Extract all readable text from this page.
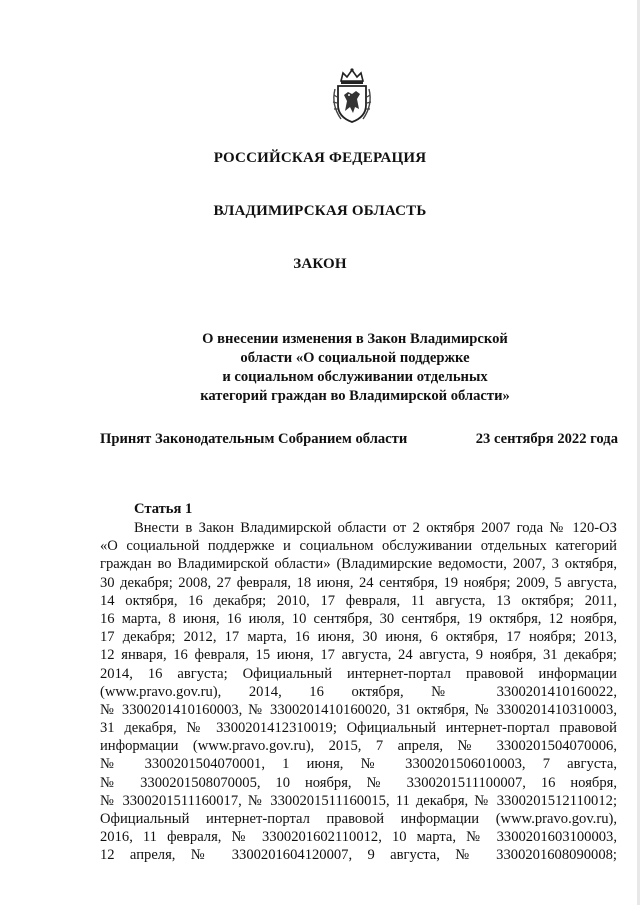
РОССИЙСКАЯ ФЕДЕРАЦИЯ
ВЛАДИМИРСКАЯ ОБЛАСТЬ
ЗАКОН
О внесении изменения в Закон Владимирской
области «О социальной поддержке
и социальном обслуживании отдельных
категорий граждан во Владимирской области»
Принят Законодательным Собранием области	23 сентября 2022 года
Статья 1
Внести в Закон Владимирской области от 2 октября 2007 года № 120-ОЗ
«О социальной поддержке и социальном обслуживании отдельных категорий
граждан во Владимирской области» (Владимирские ведомости, 2007, 3 октября,
30 декабря; 2008, 27 февраля, 18 июня, 24 сентября, 19 ноября; 2009, 5 августа,
14 октября, 16 декабря; 2010, 17 февраля, 11 августа, 13 октября; 2011,
16 марта, 8 июня, 16 июля, 10 сентября, 30 сентября, 19 октября, 12 ноября,
17 декабря; 2012, 17 марта, 16 июня, 30 июня, 6 октября, 17 ноября; 2013,
12 января, 16 февраля, 15 июня, 17 августа, 24 августа, 9 ноября, 31 декабря;
2014, 16 августа; Официальный интернет-портал правовой информации
(www.pravo.gov.ru), 2014, 16 октября, № 3300201410160022,
№ 3300201410160003, № 3300201410160020, 31 октября, № 3300201410310003,
31 декабря, № 3300201412310019; Официальный интернет-портал правовой
информации (www.pravo.gov.ru), 2015, 7 апреля, № 3300201504070006,
№ 3300201504070001, 1 июня, № 3300201506010003, 7 августа,
№ 3300201508070005, 10 ноября, № 3300201511100007, 16 ноября,
№ 3300201511160017, № 3300201511160015, 11 декабря, № 3300201512110012;
Официальный интернет-портал правовой информации (www.pravo.gov.ru),
2016, 11 февраля, № 3300201602110012, 10 марта, № 3300201603100003,
12 апреля, № 3300201604120007, 9 августа, № 3300201608090008;
